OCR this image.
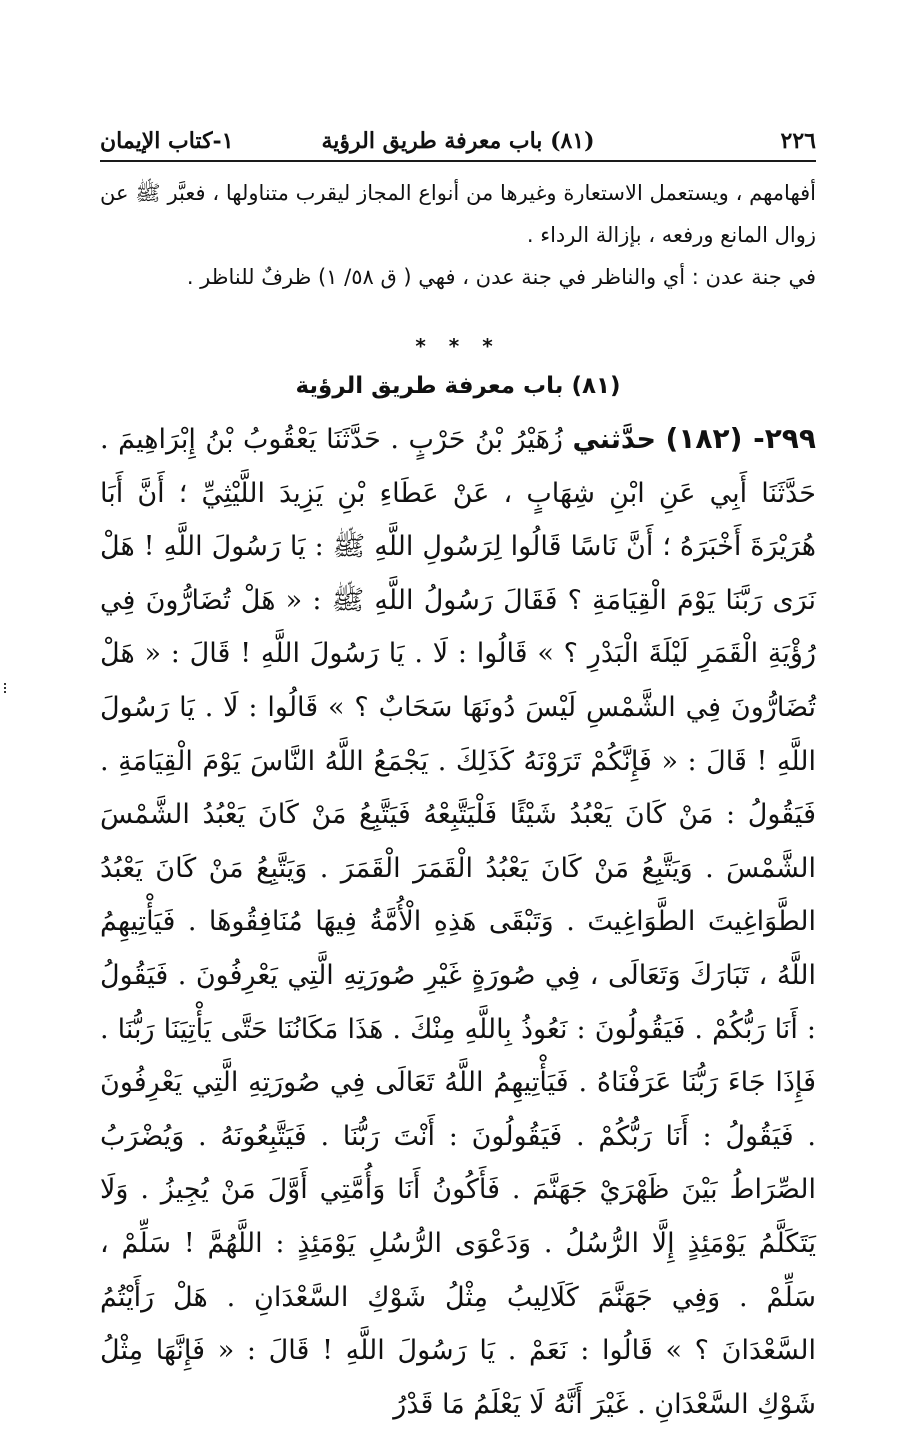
٢٢٦
(٨١) باب معرفة طريق الرؤية
١-كتاب الإيمان

أفهامهم ، ويستعمل الاستعارة وغيرها من أنواع المجاز ليقرب متناولها ، فعبَّر ﷺ عن زوال المانع ورفعه ، بإزالة الرداء .

في جنة عدن : أي والناظر في جنة عدن ، فهي ( ق ٥٨/ ١) ظرفٌ للناظر .

* * *
(٨١) باب معرفة طريق الرؤية
٢٩٩- (١٨٢) حدَّثني زُهَيْرُ بْنُ حَرْبٍ . حَدَّثَنَا يَعْقُوبُ بْنُ إِبْرَاهِيمَ . حَدَّثَنَا أَبِي عَنِ ابْنِ شِهَابٍ ، عَنْ عَطَاءِ بْنِ يَزِيدَ اللَّيْثِيِّ ؛ أَنَّ أَبَا هُرَيْرَةَ أَخْبَرَهُ ؛ أَنَّ نَاسًا قَالُوا لِرَسُولِ اللَّهِ ﷺ : يَا رَسُولَ اللَّهِ ! هَلْ نَرَى رَبَّنَا يَوْمَ الْقِيَامَةِ ؟ فَقَالَ رَسُولُ اللَّهِ ﷺ : « هَلْ تُضَارُّونَ فِي رُؤْيَةِ الْقَمَرِ لَيْلَةَ الْبَدْرِ ؟ » قَالُوا : لَا . يَا رَسُولَ اللَّهِ ! قَالَ : « هَلْ تُضَارُّونَ فِي الشَّمْسِ لَيْسَ دُونَهَا سَحَابٌ ؟ » قَالُوا : لَا . يَا رَسُولَ اللَّهِ ! قَالَ : « فَإِنَّكُمْ تَرَوْنَهُ كَذَلِكَ . يَجْمَعُ اللَّهُ النَّاسَ يَوْمَ الْقِيَامَةِ . فَيَقُولُ : مَنْ كَانَ يَعْبُدُ شَيْئًا فَلْيَتَّبِعْهُ فَيَتَّبِعُ مَنْ كَانَ يَعْبُدُ الشَّمْسَ الشَّمْسَ . وَيَتَّبِعُ مَنْ كَانَ يَعْبُدُ الْقَمَرَ الْقَمَرَ . وَيَتَّبِعُ مَنْ كَانَ يَعْبُدُ الطَّوَاغِيتَ الطَّوَاغِيتَ . وَتَبْقَى هَذِهِ الْأُمَّةُ فِيهَا مُنَافِقُوهَا . فَيَأْتِيهِمُ اللَّهُ ، تَبَارَكَ وَتَعَالَى ، فِي صُورَةٍ غَيْرِ صُورَتِهِ الَّتِي يَعْرِفُونَ . فَيَقُولُ : أَنَا رَبُّكُمْ . فَيَقُولُونَ : نَعُوذُ بِاللَّهِ مِنْكَ . هَذَا مَكَانُنَا حَتَّى يَأْتِيَنَا رَبُّنَا . فَإِذَا جَاءَ رَبُّنَا عَرَفْنَاهُ . فَيَأْتِيهِمُ اللَّهُ تَعَالَى فِي صُورَتِهِ الَّتِي يَعْرِفُونَ . فَيَقُولُ : أَنَا رَبُّكُمْ . فَيَقُولُونَ : أَنْتَ رَبُّنَا . فَيَتَّبِعُونَهُ . وَيُضْرَبُ الصِّرَاطُ بَيْنَ ظَهْرَيْ جَهَنَّمَ . فَأَكُونُ أَنَا وَأُمَّتِي أَوَّلَ مَنْ يُجِيزُ . وَلَا يَتَكَلَّمُ يَوْمَئِذٍ إِلَّا الرُّسُلُ . وَدَعْوَى الرُّسُلِ يَوْمَئِذٍ : اللَّهُمَّ ! سَلِّمْ ، سَلِّمْ . وَفِي جَهَنَّمَ كَلَالِيبُ مِثْلُ شَوْكِ السَّعْدَانِ . هَلْ رَأَيْتُمُ السَّعْدَانَ ؟ » قَالُوا : نَعَمْ . يَا رَسُولَ اللَّهِ ! قَالَ : « فَإِنَّهَا مِثْلُ شَوْكِ السَّعْدَانِ . غَيْرَ أَنَّهُ لَا يَعْلَمُ مَا قَدْرُ
